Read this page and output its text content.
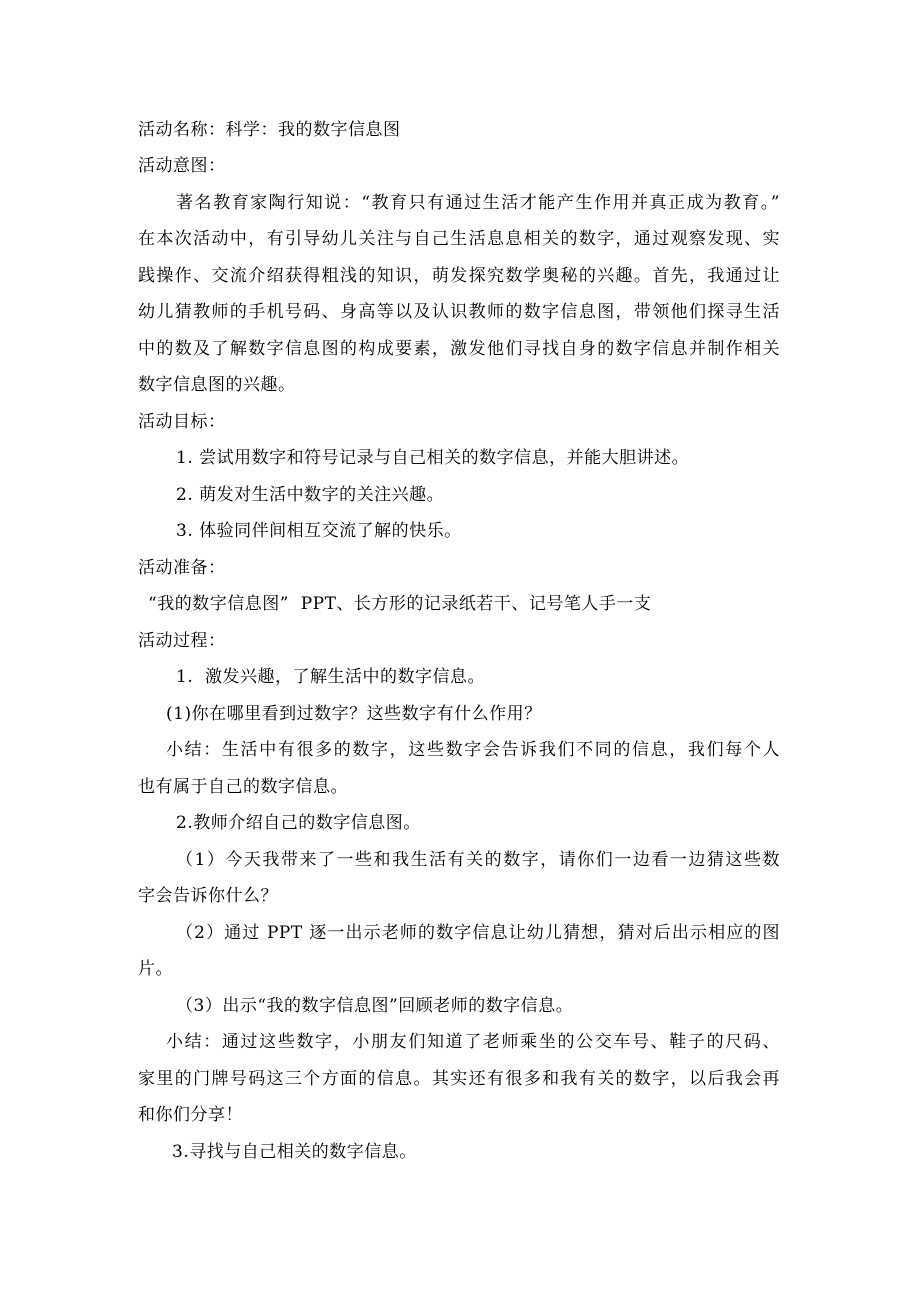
活动名称：科学：我的数字信息图
活动意图：
著名教育家陶行知说：“教育只有通过生活才能产生作用并真正成为教育。”
在本次活动中，有引导幼儿关注与自己生活息息相关的数字，通过观察发现、实
践操作、交流介绍获得粗浅的知识，萌发探究数学奥秘的兴趣。首先，我通过让
幼儿猜教师的手机号码、身高等以及认识教师的数字信息图，带领他们探寻生活
中的数及了解数字信息图的构成要素，激发他们寻找自身的数字信息并制作相关
数字信息图的兴趣。
活动目标：
1. 尝试用数字和符号记录与自己相关的数字信息，并能大胆讲述。
2. 萌发对生活中数字的关注兴趣。
3. 体验同伴间相互交流了解的快乐。
活动准备：
“我的数字信息图”  PPT、长方形的记录纸若干、记号笔人手一支
活动过程：
1.  激发兴趣，了解生活中的数字信息。
(1)你在哪里看到过数字？这些数字有什么作用？
小结：生活中有很多的数字，这些数字会告诉我们不同的信息，我们每个人
也有属于自己的数字信息。
2.教师介绍自己的数字信息图。
（1）今天我带来了一些和我生活有关的数字，请你们一边看一边猜这些数
字会告诉你什么？
（2）通过 PPT 逐一出示老师的数字信息让幼儿猜想，猜对后出示相应的图
片。
（3）出示“我的数字信息图”回顾老师的数字信息。
小结：通过这些数字，小朋友们知道了老师乘坐的公交车号、鞋子的尺码、
家里的门牌号码这三个方面的信息。其实还有很多和我有关的数字，以后我会再
和你们分享！
3.寻找与自己相关的数字信息。
